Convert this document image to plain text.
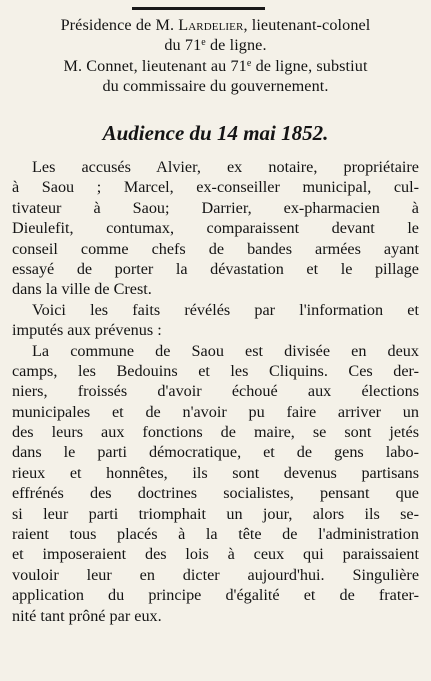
Présidence de M. Lardelier, lieutenant-colonel
du 71e de ligne.
M. Connet, lieutenant au 71e de ligne, substiut
du commissaire du gouvernement.
Audience du 14 mai 1852.
Les accusés Alvier, ex notaire, propriétaire
à Saou ; Marcel, ex-conseiller municipal, cul-
tivateur à Saou; Darrier, ex-pharmacien à
Dieulefit, contumax, comparaissent devant le
conseil comme chefs de bandes armées ayant
essayé de porter la dévastation et le pillage
dans la ville de Crest.
Voici les faits révélés par l'information et
imputés aux prévenus :
La commune de Saou est divisée en deux
camps, les Bedouins et les Cliquins. Ces der-
niers, froissés d'avoir échoué aux élections
municipales et de n'avoir pu faire arriver un
des leurs aux fonctions de maire, se sont jetés
dans le parti démocratique, et de gens labo-
rieux et honnêtes, ils sont devenus partisans
effrénés des doctrines socialistes, pensant que
si leur parti triomphait un jour, alors ils se-
raient tous placés à la tête de l'administration
et imposeraient des lois à ceux qui paraissaient
vouloir leur en dicter aujourd'hui. Singulière
application du principe d'égalité et de frater-
nité tant prôné par eux.
